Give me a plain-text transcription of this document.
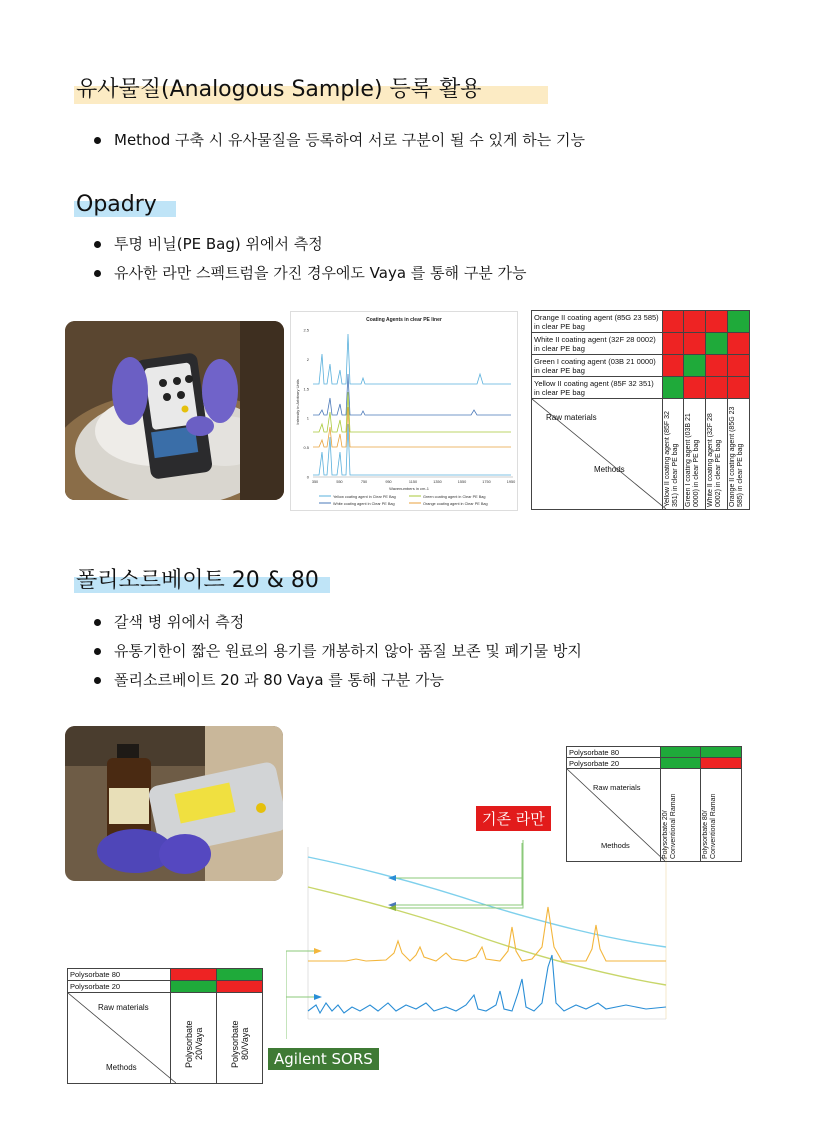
유사물질(Analogous Sample) 등록 활용
Method 구축 시 유사물질을 등록하여 서로 구분이 될 수 있게 하는 기능
Opadry
투명 비닐(PE Bag) 위에서 측정
유사한 라만 스펙트럼을 가진 경우에도 Vaya 를 통해 구분 가능
Coating Agents in clear PE liner
Intensity in Arbitrary Units
Wavenumbers in cm-1
2.5
2
1.5
1
0.5
0
350	550	750	950	1150	1350	1550	1750	1950
Yellow coating agent in Clear PE Bag	Green coating agent in Clear PE Bag
White coating agent in Clear PE Bag	Orange coating agent in Clear PE Bag
Orange II coating agent (85G 23 585) in clear PE bag				
White II coating agent (32F 28 0002) in clear PE bag				
Green I coating agent (03B 21 0000) in clear PE bag				
Yellow II coating agent (85F 32 351) in clear PE bag				

Raw materials
Methods	Yellow II coating agent (85F 32 351) in clear PE bag	Green I coating agent (03B 21 0000) in clear PE bag	White II coating agent (32F 28 0002) in clear PE bag	Orange II coating agent (85G 23 585) in clear PE bag
폴리소르베이트 20 & 80
갈색 병 위에서 측정
유통기한이 짧은 원료의 용기를 개봉하지 않아 품질 보존 및 폐기물 방지
폴리소르베이트 20 과 80 Vaya 를 통해 구분 가능
기존 라만
Agilent SORS
Polysorbate 80		
Polysorbate 20		

Raw materials
Methods	Polysorbate 20/ Conventional Raman	Polysorbate 80/ Conventional Raman
Polysorbate 80		
Polysorbate 20		

Raw materials
Methods	Polysorbate 20/Vaya	Polysorbate 80/Vaya
